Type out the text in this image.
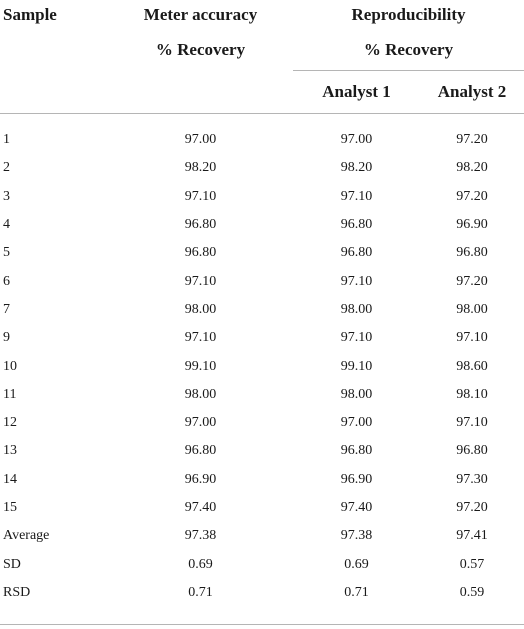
Sample	Meter accuracy	Reproducibility	
	% Recovery	% Recovery	
		Analyst 1	Analyst 2
1	97.00	97.00	97.20
2	98.20	98.20	98.20
3	97.10	97.10	97.20
4	96.80	96.80	96.90
5	96.80	96.80	96.80
6	97.10	97.10	97.20
7	98.00	98.00	98.00
9	97.10	97.10	97.10
10	99.10	99.10	98.60
11	98.00	98.00	98.10
12	97.00	97.00	97.10
13	96.80	96.80	96.80
14	96.90	96.90	97.30
15	97.40	97.40	97.20
Average	97.38	97.38	97.41
SD	0.69	0.69	0.57
RSD	0.71	0.71	0.59
